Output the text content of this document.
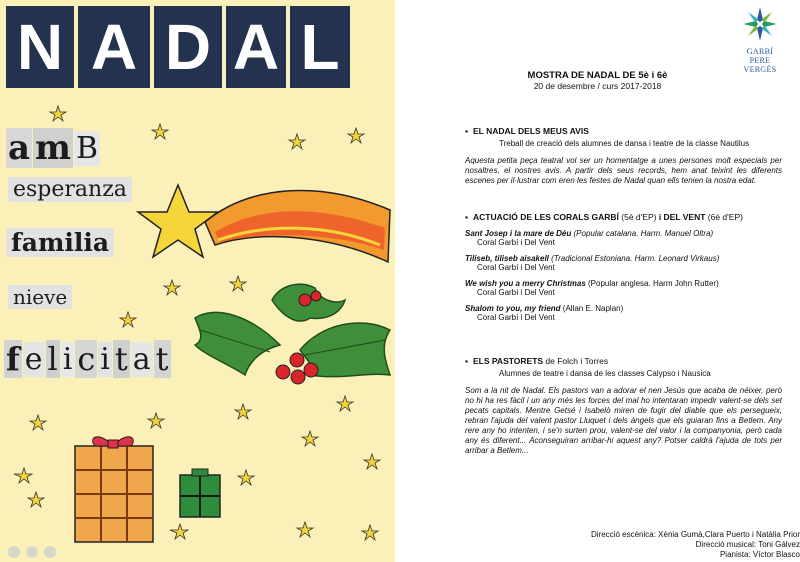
N A D A L
a m B
esperanza
familia
nieve
f e l i c i t a t
GARBÍ
PERE VERGÉS
MOSTRA DE NADAL DE 5è i 6è
20 de desembre / curs 2017-2018
▪ EL NADAL DELS MEUS AVIS
Treball de creació dels alumnes de dansa i teatre de la classe Nautilus
Aquesta petita peça teatral vol ser un homentatge a unes persones molt especials per nosaltres, el nostres avis. A partir dels seus records, hem anat teixint les diferents escenes per il·lustrar com eren les festes de Nadal quan ells tenien la nostra edat.
▪ ACTUACIÓ DE LES CORALS GARBÍ (5è d'EP) i DEL VENT (6è d'EP)
Sant Josep i la mare de Déu (Popular catalana. Harm. Manuel Oltra)
Coral Garbí i Del Vent
Tiliseb, tiliseb aisakell (Tradicional Estoniana. Harm. Leonard Virkaus)
Coral Garbí i Del Vent
We wish you a merry Christmas (Popular anglesa. Harm John Rutter)
Coral Garbí i Del Vent
Shalom to you, my friend (Allan E. Naplan)
Coral Garbí i Del Vent
▪ ELS PASTORETS de Folch i Torres
Alumnes de teatre i dansa de les classes Calypso i Nausica
Som a la nit de Nadal. Els pastors van a adorar el nen Jesús que acaba de néixer, però no hi ha res fàcil i un any més les forces del mal ho intentaran impedir valent-se dels set pecats capitals. Mentre Getsé i Isabelò miren de fugir del diable que els persegueix, rebran l'ajuda del valent pastor Lluquet i dels àngels que els guiaran fins a Betlem. Any rere any ho intenten, i se'n surten prou, valent-se del valor i la companyonia, però cada any és diferent... Aconseguiran arribar-hi aquest any? Potser caldrà l'ajuda de tots per arribar a Betlem...
Direcció escènica: Xènia Gumà,Clara Puerto i Natàlia Prior
Direcció musical: Toni Gálvez
Pianista: Víctor Blasco
